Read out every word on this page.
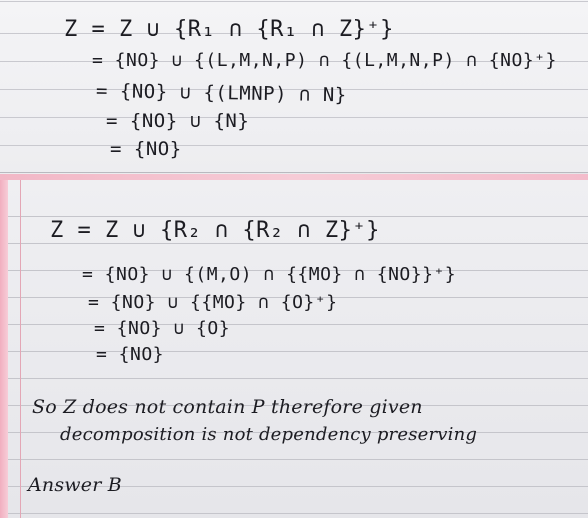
Z = Z ∪ {R₁ ∩ {R₁ ∩ Z}⁺}

= {NO} ∪ {(L,M,N,P) ∩ {(L,M,N,P) ∩ {NO}⁺}

= {NO} ∪ {(LMNP) ∩ N}

= {NO} ∪ {N}

= {NO}

Z = Z ∪ {R₂ ∩ {R₂ ∩ Z}⁺}

= {NO} ∪ {(M,O) ∩ {{MO} ∩ {NO}}⁺}

= {NO} ∪ {{MO} ∩ {O}⁺}

= {NO} ∪ {O}

= {NO}

So Z does not contain P therefore given

decomposition is not dependency preserving

Answer B
